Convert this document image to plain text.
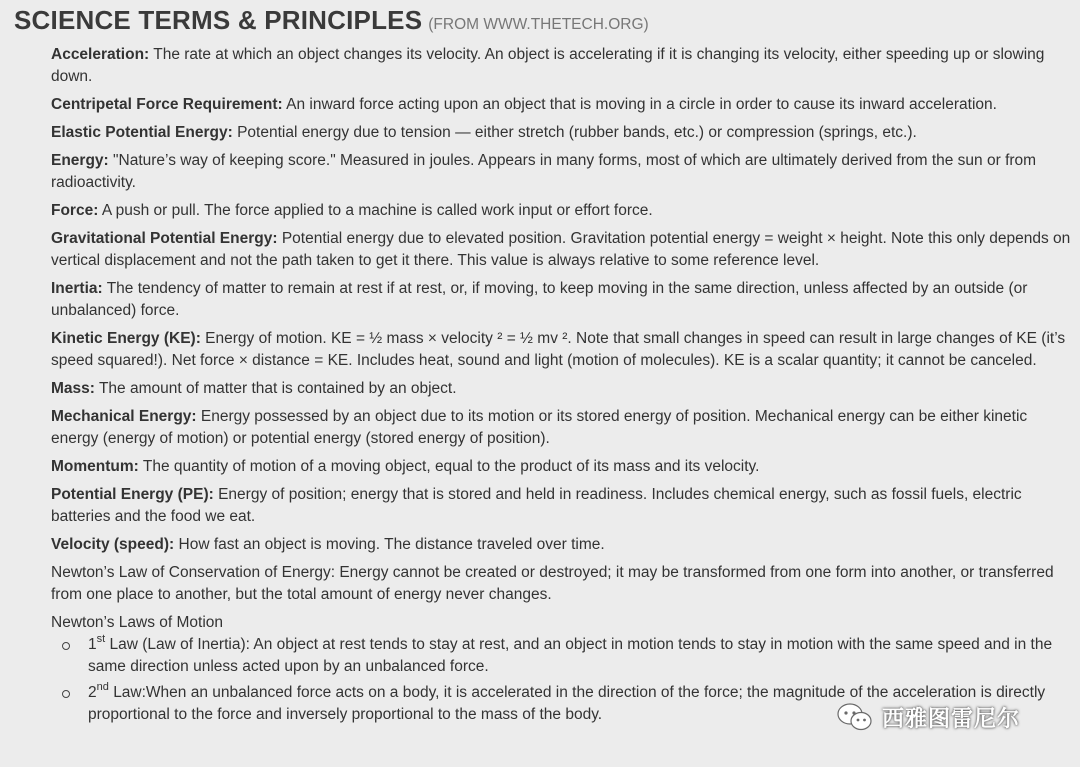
SCIENCE TERMS & PRINCIPLES (FROM WWW.THETECH.ORG)
Acceleration: The rate at which an object changes its velocity. An object is accelerating if it is changing its velocity, either speeding up or slowing down.
Centripetal Force Requirement: An inward force acting upon an object that is moving in a circle in order to cause its inward acceleration.
Elastic Potential Energy: Potential energy due to tension — either stretch (rubber bands, etc.) or compression (springs, etc.).
Energy: "Nature’s way of keeping score." Measured in joules. Appears in many forms, most of which are ultimately derived from the sun or from radioactivity.
Force: A push or pull. The force applied to a machine is called work input or effort force.
Gravitational Potential Energy: Potential energy due to elevated position. Gravitation potential energy = weight × height. Note this only depends on vertical displacement and not the path taken to get it there. This value is always relative to some reference level.
Inertia: The tendency of matter to remain at rest if at rest, or, if moving, to keep moving in the same direction, unless affected by an outside (or unbalanced) force.
Kinetic Energy (KE): Energy of motion. KE = ½ mass × velocity ² = ½ mv ². Note that small changes in speed can result in large changes of KE (it’s speed squared!). Net force × distance = KE. Includes heat, sound and light (motion of molecules). KE is a scalar quantity; it cannot be canceled.
Mass: The amount of matter that is contained by an object.
Mechanical Energy: Energy possessed by an object due to its motion or its stored energy of position. Mechanical energy can be either kinetic energy (energy of motion) or potential energy (stored energy of position).
Momentum: The quantity of motion of a moving object, equal to the product of its mass and its velocity.
Potential Energy (PE): Energy of position; energy that is stored and held in readiness. Includes chemical energy, such as fossil fuels, electric batteries and the food we eat.
Velocity (speed): How fast an object is moving. The distance traveled over time.
Newton’s Law of Conservation of Energy: Energy cannot be created or destroyed; it may be transformed from one form into another, or transferred from one place to another, but the total amount of energy never changes.
Newton’s Laws of Motion
1st Law (Law of Inertia): An object at rest tends to stay at rest, and an object in motion tends to stay in motion with the same speed and in the same direction unless acted upon by an unbalanced force.
2nd Law:When an unbalanced force acts on a body, it is accelerated in the direction of the force; the magnitude of the acceleration is directly proportional to the force and inversely proportional to the mass of the body.	西雅图雷尼尔
